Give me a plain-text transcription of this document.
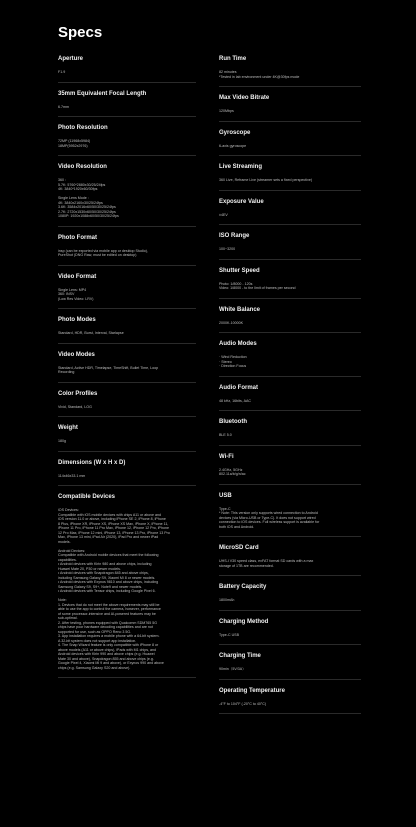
Specs
Aperture
F1.9
35mm Equivalent Focal Length
6.7mm
Photo Resolution
72MP (11968x5984)
18MP(5952x2976)
Video Resolution
360 :
5.7K: 5760*2880x30/25/24fps
4K: 3840*1920x60/30fps

Single Lens Mode :
4K: 3840x2160x30/25/24fps
3.6K: 3584x2016x60/50/30/25/24fps
2.7K: 2720x1530x60/50/30/25/24fps
1080P: 1920x1088x60/50/30/25/24fps
Photo Format
insp (can be exported via mobile app or desktop Studio),
PureShot (DNG Raw, must be edited on desktop)
Video Format
Single Lens: MP4
360: INSV
(Low Res Video: LRV)
Photo Modes
Standard, HDR, Burst, Interval, Starlapse
Video Modes
Standard, Active HDR, Timelapse, TimeShift, Bullet Time, Loop
Recording
Color Profiles
Vivid, Standard, LOG
Weight
180g
Dimensions (W x H x D)
114x46x33.1 mm
Compatible Devices
iOS Devices:
Compatible with iOS mobile devices with chips A11 or above and
iOS version 11.0 or above, including iPhone SE 2, iPhone 8, iPhone
8 Plus, iPhone XR, iPhone XS, iPhone XS Max, iPhone X, iPhone 11,
iPhone 11 Pro, iPhone 11 Pro Max, iPhone 12, iPhone 12 Pro, iPhone
12 Pro Max, iPhone 12 mini, iPhone 13, iPhone 13 Pro, iPhone 13 Pro
Max, iPhone 13 mini, iPad Air (2020), iPad Pro and newer iPad
models.

Android Devices:
Compatible with Android mobile devices that meet the following
capabilities.
• Android devices with Kirin 980 and above chips, including
Huawei Mate 20, P30 or newer models.
• Android devices with Snapdragon 845 and above chips,
including Samsung Galaxy S9, Xiaomi Mi 8 or newer models.
• Android devices with Exynos 9810 and above chips, including
Samsung Galaxy S9, S9+, Note9 and newer models.
• Android devices with Tensor chips, including Google Pixel 6.

Note:
1. Devices that do not meet the above requirements may still be
able to use the app to control the camera, however, performance
of some processor-intensive and AI-powered features may be
sub-optimal.
2. After testing, phones equipped with Qualcomm SDM765 5G
chips have poor hardware decoding capabilities and are not
supported for use, such as OPPO Reno 3 5G.
3. App installation requires a mobile phone with a 64-bit system.
A 32-bit system does not support app installation.
4. The Snap Wizard feature is only compatible with iPhone 8 or
above models (A11 or above chips), iPads with M1 chips, and
Android devices with Kirin 990 and above chips (e.g. Huawei
Mate 30 and above), Snapdragon 855 and above chips (e.g.
Google Pixel 4, Xiaomi Mi 9 and above), or Exynos 990 and above
chips (e.g. Samsung Galaxy S20 and above).
Run Time
82 minutes
*Tested in lab environment under 4K@30fps mode
Max Video Bitrate
120Mbps
Gyroscope
6-axis gyroscope
Live Streaming
360 Live, Reframe Live (streamer sets a fixed perspective)
Exposure Value
±4EV
ISO Range
100~3200
Shutter Speed
Photo: 1/8000 - 120s
Video: 1/8000 - to the limit of frames per second
White Balance
2000K-10000K
Audio Modes
· Wind Reduction
· Stereo
· Direction Focus
Audio Format
48 kHz, 16bits, AAC
Bluetooth
BLE 5.0
Wi-Fi
2.4GHz, 5GHz
802.11a/b/g/n/ac
USB
Type-C
* Note: This version only supports wired connection to Android
devices (via Micro-USB or Type-C). It does not support wired
connection to iOS devices. Full wireless support is available for
both iOS and Android.
MicroSD Card
UHS-I V30 speed class, exFAT format SD cards with a max
storage of 1TB are recommended.
Battery Capacity
1800mAh
Charging Method
Type-C USB
Charging Time
90min（5V/3A）
Operating Temperature
-4°F to 104°F (-20°C to 40°C)
